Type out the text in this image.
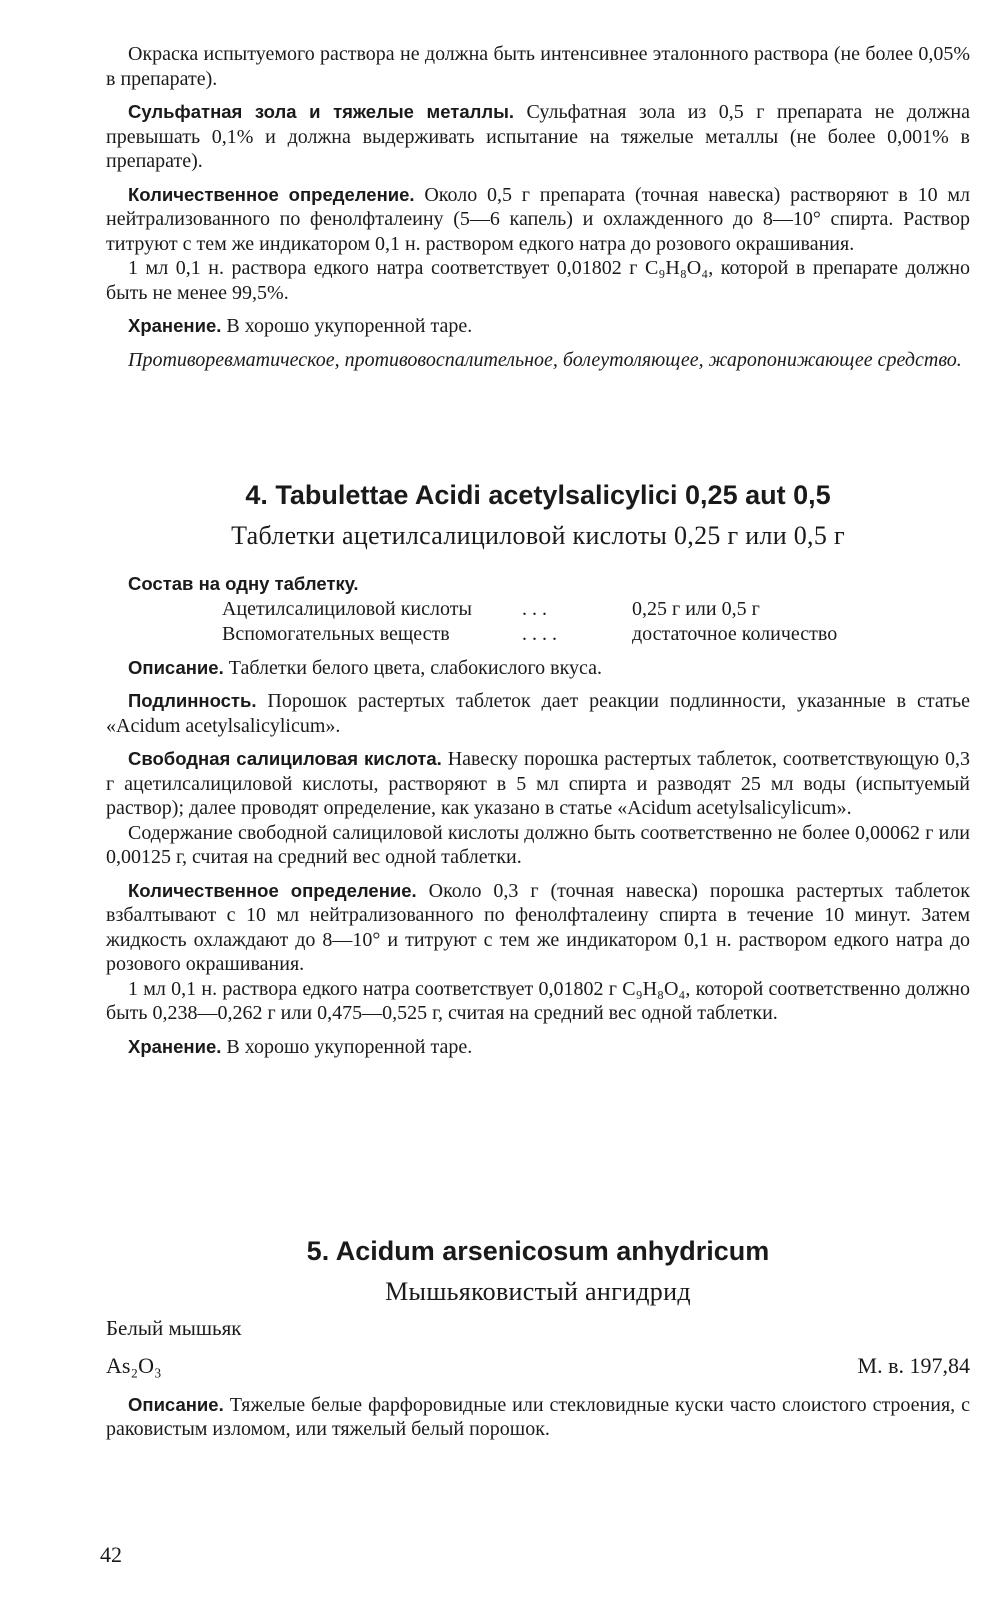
Окраска испытуемого раствора не должна быть интенсивнее эталонного раствора (не более 0,05% в препарате).

Сульфатная зола и тяжелые металлы. Сульфатная зола из 0,5 г препарата не должна превышать 0,1% и должна выдерживать испытание на тяжелые металлы (не более 0,001% в препарате).

Количественное определение. Около 0,5 г препарата (точная навеска) растворяют в 10 мл нейтрализованного по фенолфталеину (5—6 капель) и охлажденного до 8—10° спирта. Раствор титруют с тем же индикатором 0,1 н. раствором едкого натра до розового окрашивания.

1 мл 0,1 н. раствора едкого натра соответствует 0,01802 г C₉H₈O₄, которой в препарате должно быть не менее 99,5%.

Хранение. В хорошо укупоренной таре.

Противоревматическое, противовоспалительное, болеутоляющее, жаропонижающее средство.

4. Tabulettae Acidi acetylsalicylici 0,25 aut 0,5
Таблетки ацетилсалициловой кислоты 0,25 г или 0,5 г

Состав на одну таблетку.

Ацетилсалициловой кислоты	. . .	0,25 г или 0,5 г
Вспомогательных веществ	. . . .	достаточное количество

Описание. Таблетки белого цвета, слабокислого вкуса.

Подлинность. Порошок растертых таблеток дает реакции подлинности, указанные в статье «Acidum acetylsalicylicum».

Свободная салициловая кислота. Навеску порошка растертых таблеток, соответствующую 0,3 г ацетилсалициловой кислоты, растворяют в 5 мл спирта и разводят 25 мл воды (испытуемый раствор); далее проводят определение, как указано в статье «Acidum acetylsalicylicum».

Содержание свободной салициловой кислоты должно быть соответственно не более 0,00062 г или 0,00125 г, считая на средний вес одной таблетки.

Количественное определение. Около 0,3 г (точная навеска) порошка растертых таблеток взбалтывают с 10 мл нейтрализованного по фенолфталеину спирта в течение 10 минут. Затем жидкость охлаждают до 8—10° и титруют с тем же индикатором 0,1 н. раствором едкого натра до розового окрашивания.

1 мл 0,1 н. раствора едкого натра соответствует 0,01802 г C₉H₈O₄, которой соответственно должно быть 0,238—0,262 г или 0,475—0,525 г, считая на средний вес одной таблетки.

Хранение. В хорошо укупоренной таре.

5. Acidum arsenicosum anhydricum
Мышьяковистый ангидрид

Белый мышьяк

As₂O₃	М. в. 197,84

Описание. Тяжелые белые фарфоровидные или стекловидные куски часто слоистого строения, с раковистым изломом, или тяжелый белый порошок.

42
